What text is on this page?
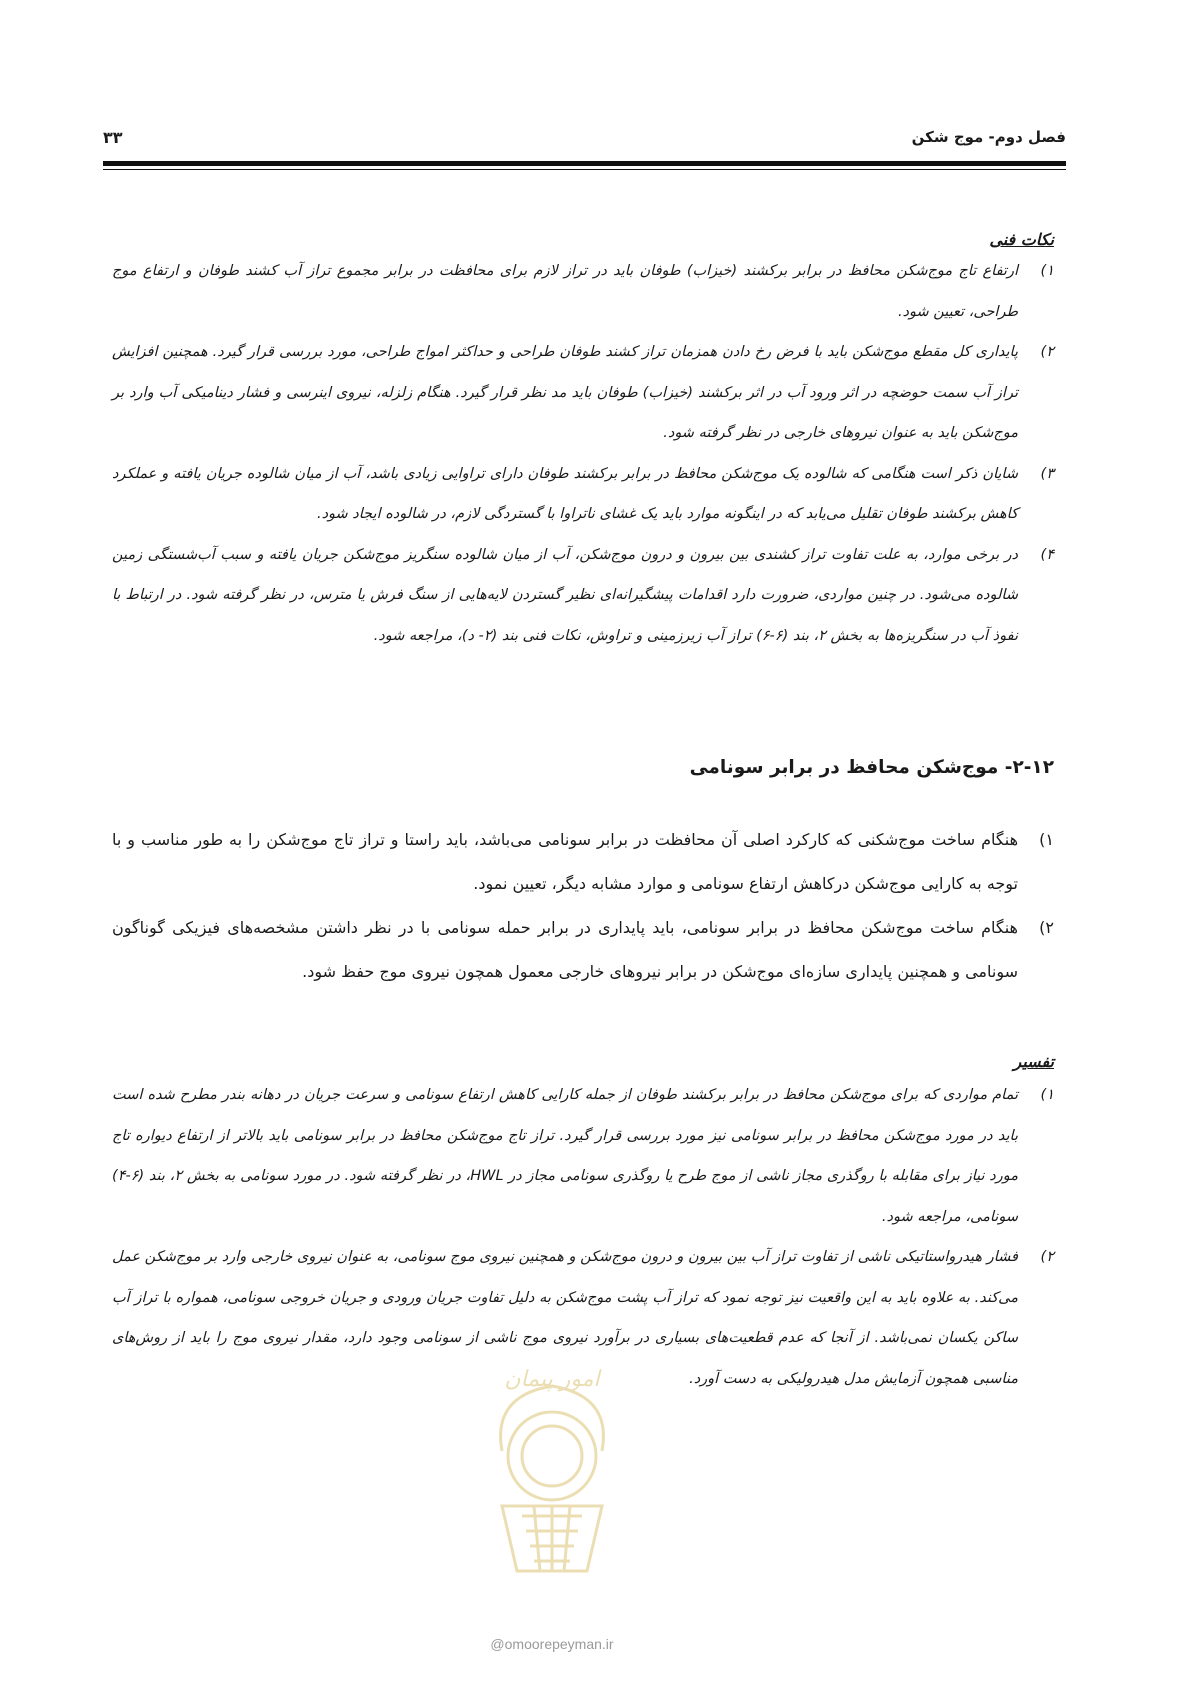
فصل دوم- موج شکن
۳۳

نکات فنی

۱)
ارتفاع تاج موج‌شکن محافظ در برابر برکشند (خیزاب) طوفان باید در تراز لازم برای محافظت در برابر مجموع تراز آب کشند طوفان و ارتفاع موج طراحی، تعیین شود.
۲)
پایداری کل مقطع موج‌شکن باید با فرض رخ دادن همزمان تراز کشند طوفان طراحی و حداکثر امواج طراحی، مورد بررسی قرار گیرد. همچنین افزایش تراز آب سمت حوضچه در اثر ورود آب در اثر برکشند (خیزاب) طوفان باید مد نظر قرار گیرد. هنگام زلزله، نیروی اینرسی و فشار دینامیکی آب وارد بر موج‌شکن باید به عنوان نیروهای خارجی در نظر گرفته شود.
۳)
شایان ذکر است هنگامی که شالوده یک موج‌شکن محافظ در برابر برکشند طوفان دارای تراوایی زیادی باشد، آب از میان شالوده جریان یافته و عملکرد کاهش برکشند طوفان تقلیل می‌یابد که در اینگونه موارد باید یک غشای ناتراوا با گستردگی لازم، در شالوده ایجاد شود.
۴)
در برخی موارد، به علت تفاوت تراز کشندی بین بیرون و درون موج‌شکن، آب از میان شالوده سنگریز موج‌شکن جریان یافته و سبب آب‌شستگی زمین شالوده می‌شود. در چنین مواردی، ضرورت دارد اقدامات پیشگیرانه‌ای نظیر گستردن لایه‌هایی از سنگ فرش یا مترس، در نظر گرفته شود. در ارتباط با نفوذ آب در سنگریزه‌ها به بخش ۲، بند (۶-۶) تراز آب زیرزمینی و تراوش، نکات فنی بند (۲- د)، مراجعه شود.
۲-۱۲- موج‌شکن محافظ در برابر سونامی
۱)
هنگام ساخت موج‌شکنی که کارکرد اصلی آن محافظت در برابر سونامی می‌باشد، باید راستا و تراز تاج موج‌شکن را به طور مناسب و با توجه به کارایی موج‌شکن درکاهش ارتفاع سونامی و موارد مشابه دیگر، تعیین نمود.
۲)
هنگام ساخت موج‌شکن محافظ در برابر سونامی، باید پایداری در برابر حمله سونامی با در نظر داشتن مشخصه‌های فیزیکی گوناگون سونامی و همچنین پایداری سازه‌ای موج‌شکن در برابر نیروهای خارجی معمول همچون نیروی موج حفظ شود.

تفسیر

۱)
تمام مواردی که برای موج‌شکن محافظ در برابر برکشند طوفان از جمله کارایی کاهش ارتفاع سونامی و سرعت جریان در دهانه بندر مطرح شده است باید در مورد موج‌شکن محافظ در برابر سونامی نیز مورد بررسی قرار گیرد. تراز تاج موج‌شکن محافظ در برابر سونامی باید بالاتر از ارتفاع دیواره تاج مورد نیاز برای مقابله با روگذری مجاز ناشی از موج طرح یا روگذری سونامی مجاز در HWL، در نظر گرفته شود. در مورد سونامی به بخش ۲، بند (۶-۴) سونامی، مراجعه شود.
۲)
فشار هیدرواستاتیکی ناشی از تفاوت تراز آب بین بیرون و درون موج‌شکن و همچنین نیروی موج سونامی، به عنوان نیروی خارجی وارد بر موج‌شکن عمل می‌کند. به علاوه باید به این واقعیت نیز توجه نمود که تراز آب پشت موج‌شکن به دلیل تفاوت جریان ورودی و جریان خروجی سونامی، همواره با تراز آب ساکن یکسان نمی‌باشد. از آنجا که عدم قطعیت‌های بسیاری در برآورد نیروی موج ناشی از سونامی وجود دارد، مقدار نیروی موج را باید از روش‌های مناسبی همچون آزمایش مدل هیدرولیکی به دست آورد.
امور پیمان
@omoorepeyman.ir
